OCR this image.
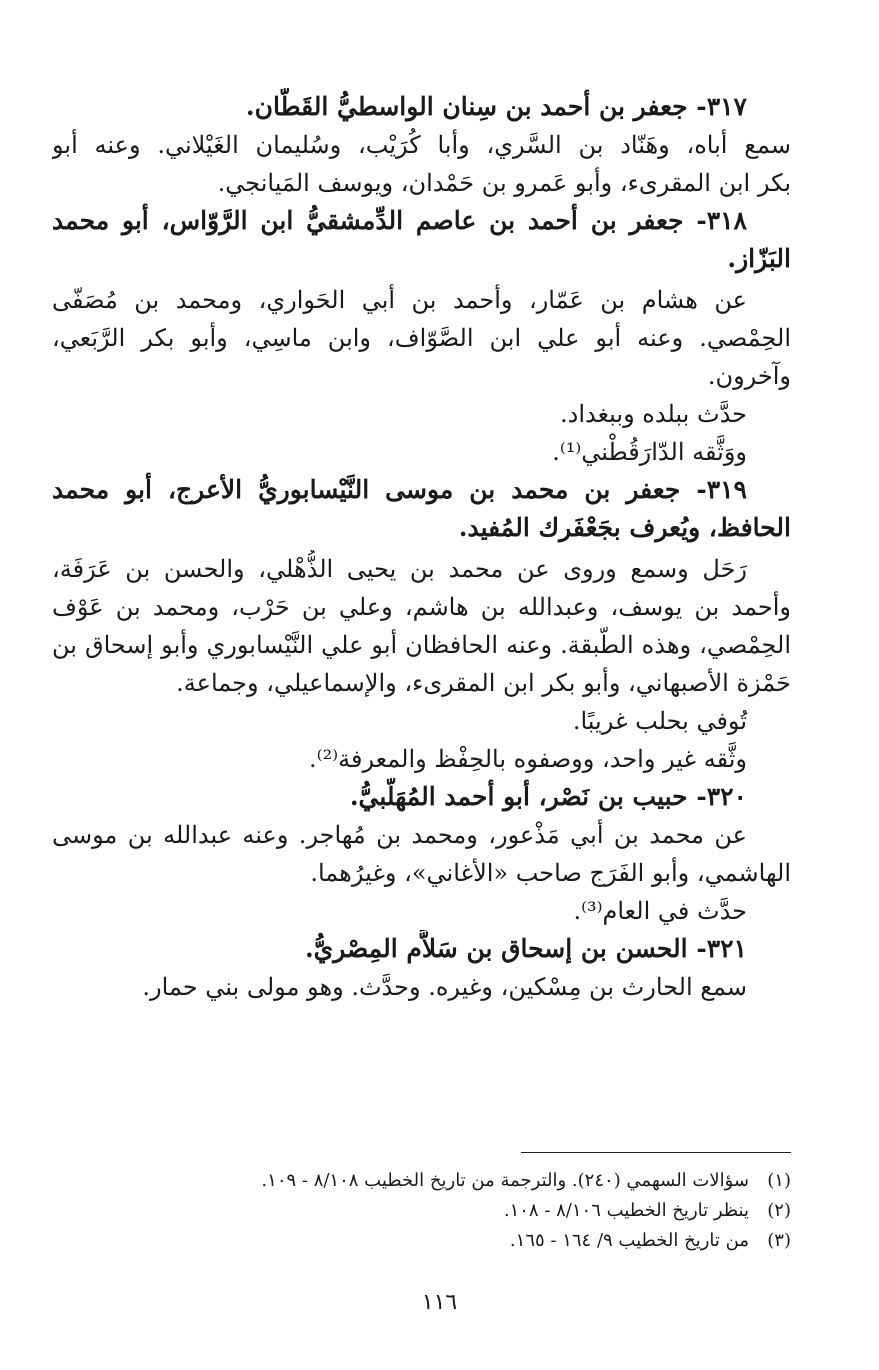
٣١٧- جعفر بن أحمد بن سِنان الواسطيُّ القَطّان.
سمع أباه، وهَنّاد بن السَّري، وأبا كُرَيْب، وسُليمان الغَيْلاني. وعنه أبو
بكر ابن المقرىء، وأبو عَمرو بن حَمْدان، ويوسف المَيانجي.
٣١٨- جعفر بن أحمد بن عاصم الدِّمشقيُّ ابن الرَّوّاس، أبو محمد
البَزّاز.
عن هشام بن عَمّار، وأحمد بن أبي الحَواري، ومحمد بن مُصَفّى
الحِمْصي. وعنه أبو علي ابن الصَّوّاف، وابن ماسِي، وأبو بكر الرَّبَعي،
وآخرون.
حدَّث ببلده وببغداد.
ووَثَّقه الدّارَقُطْني⁽¹⁾.
٣١٩- جعفر بن محمد بن موسى النَّيْسابوريُّ الأعرج، أبو محمد
الحافظ، ويُعرف بجَعْفَرك المُفيد.
رَحَل وسمع وروى عن محمد بن يحيى الذُّهْلي، والحسن بن عَرَفَة،
وأحمد بن يوسف، وعبدالله بن هاشم، وعلي بن حَرْب، ومحمد بن عَوْف
الحِمْصي، وهذه الطَّبقة. وعنه الحافظان أبو علي النَّيْسابوري وأبو إسحاق بن
حَمْزة الأصبهاني، وأبو بكر ابن المقرىء، والإسماعيلي، وجماعة.
تُوفي بحلب غريبًا.
وثَّقه غير واحد، ووصفوه بالحِفْظ والمعرفة⁽²⁾.
٣٢٠- حبيب بن نَصْر، أبو أحمد المُهَلَّبيُّ.
عن محمد بن أبي مَذْعور، ومحمد بن مُهاجر. وعنه عبدالله بن موسى
الهاشمي، وأبو الفَرَج صاحب «الأغاني»، وغيرُهما.
حدَّث في العام⁽³⁾.
٣٢١- الحسن بن إسحاق بن سَلاَّم المِصْريُّ.
سمع الحارث بن مِسْكين، وغيره. وحدَّث. وهو مولى بني حمار.
(١)سؤالات السهمي (٢٤٠). والترجمة من تاريخ الخطيب ٨/١٠٨ - ١٠٩.
(٢)ينظر تاريخ الخطيب ٨/١٠٦ - ١٠٨.
(٣)من تاريخ الخطيب ٩/ ١٦٤ - ١٦٥.
١١٦
